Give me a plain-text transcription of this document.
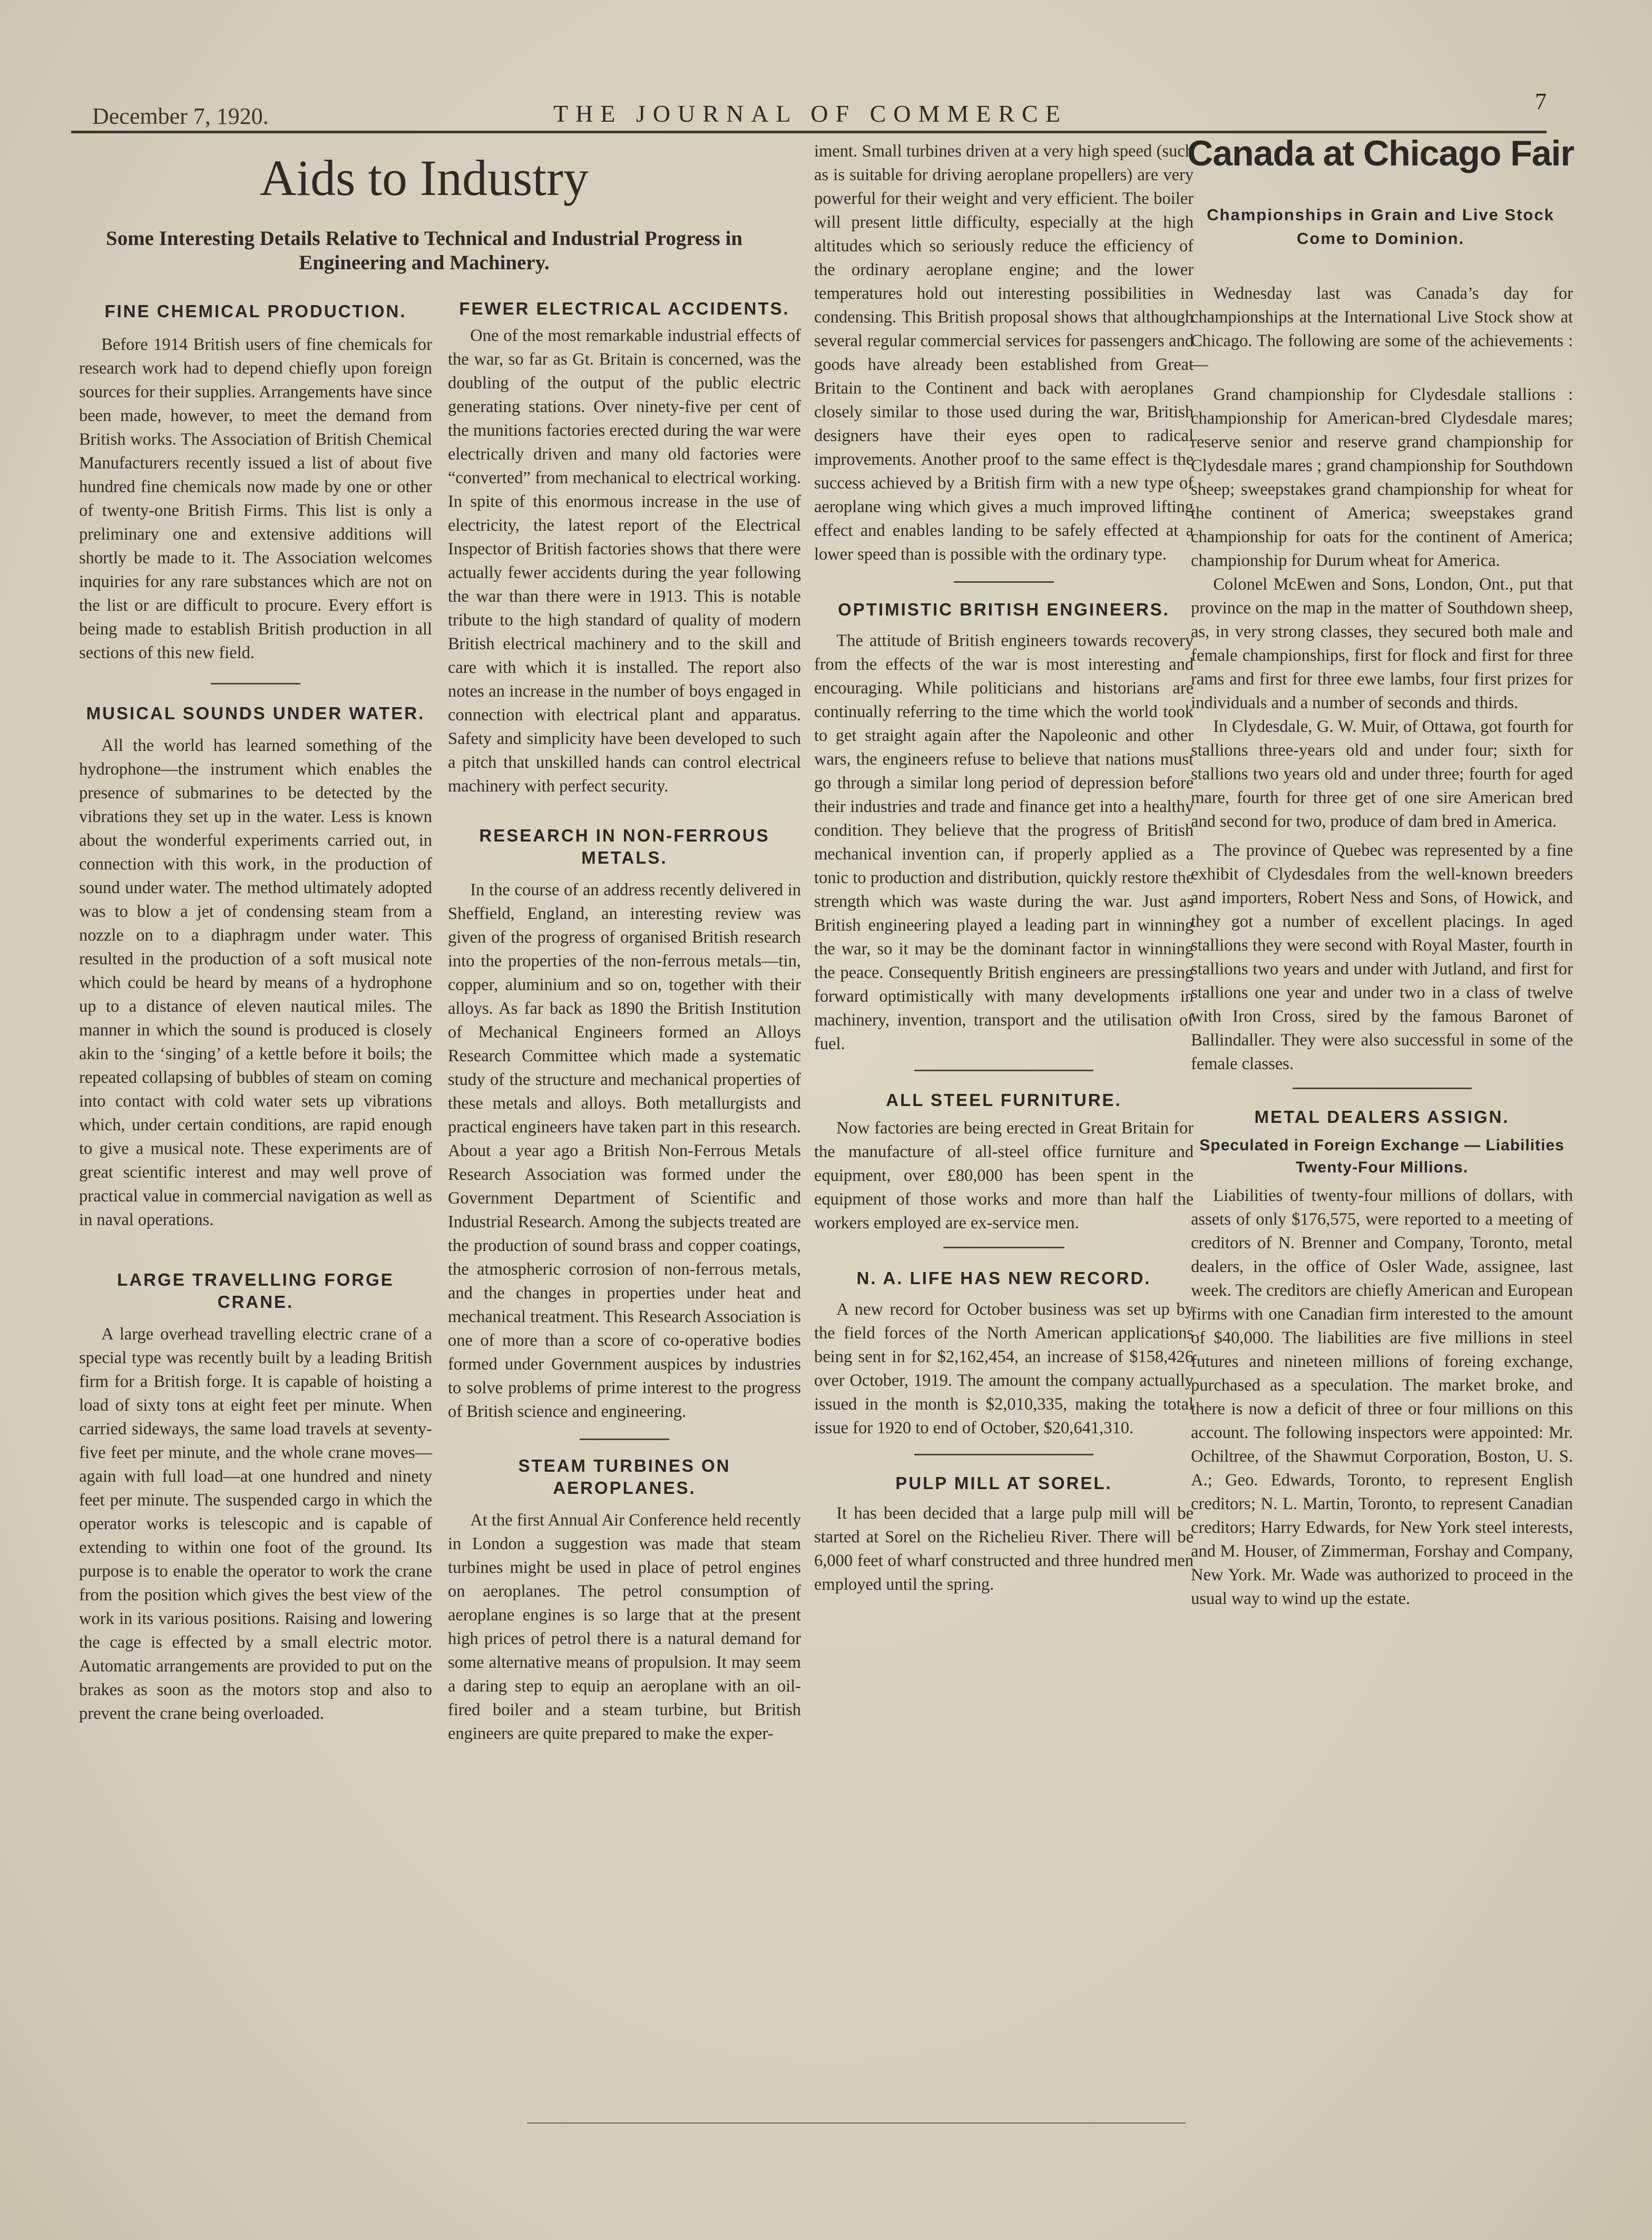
December 7, 1920.	THE JOURNAL OF COMMERCE	7
Aids to Industry
Some Interesting Details Relative to Technical and Industrial Progress in Engineering and Machinery.
FINE CHEMICAL PRODUCTION.

Before 1914 British users of fine chemicals for research work had to depend chiefly upon foreign sources for their supplies. Arrangements have since been made, however, to meet the demand from British works. The Association of British Chemical Manufacturers recently issued a list of about five hundred fine chemicals now made by one or other of twenty-one British Firms. This list is only a preliminary one and extensive additions will shortly be made to it. The Association welcomes inquiries for any rare substances which are not on the list or are difficult to procure. Every effort is being made to establish British production in all sections of this new field.

MUSICAL SOUNDS UNDER WATER.

All the world has learned something of the hydrophone—the instrument which enables the presence of submarines to be detected by the vibrations they set up in the water. Less is known about the wonderful experiments carried out, in connection with this work, in the production of sound under water. The method ultimately adopted was to blow a jet of condensing steam from a nozzle on to a diaphragm under water. This resulted in the production of a soft musical note which could be heard by means of a hydrophone up to a distance of eleven nautical miles. The manner in which the sound is produced is closely akin to the ‘singing’ of a kettle before it boils; the repeated collapsing of bubbles of steam on coming into contact with cold water sets up vibrations which, under certain conditions, are rapid enough to give a musical note. These experiments are of great scientific interest and may well prove of practical value in commercial navigation as well as in naval operations.

LARGE TRAVELLING FORGE CRANE.

A large overhead travelling electric crane of a special type was recently built by a leading British firm for a British forge. It is capable of hoisting a load of sixty tons at eight feet per minute. When carried sideways, the same load travels at seventy-five feet per minute, and the whole crane moves—again with full load—at one hundred and ninety feet per minute. The suspended cargo in which the operator works is telescopic and is capable of extending to within one foot of the ground. Its purpose is to enable the operator to work the crane from the position which gives the best view of the work in its various positions. Raising and lowering the cage is effected by a small electric motor. Automatic arrangements are provided to put on the brakes as soon as the motors stop and also to prevent the crane being overloaded.

FEWER ELECTRICAL ACCIDENTS.

One of the most remarkable industrial effects of the war, so far as Gt. Britain is concerned, was the doubling of the output of the public electric generating stations. Over ninety-five per cent of the munitions factories erected during the war were electrically driven and many old factories were “converted” from mechanical to electrical working. In spite of this enormous increase in the use of electricity, the latest report of the Electrical Inspector of British factories shows that there were actually fewer accidents during the year following the war than there were in 1913. This is notable tribute to the high standard of quality of modern British electrical machinery and to the skill and care with which it is installed. The report also notes an increase in the number of boys engaged in connection with electrical plant and apparatus. Safety and simplicity have been developed to such a pitch that unskilled hands can control electrical machinery with perfect security.

RESEARCH IN NON-FERROUS METALS.

In the course of an address recently delivered in Sheffield, England, an interesting review was given of the progress of organised British research into the properties of the non-ferrous metals—tin, copper, aluminium and so on, together with their alloys. As far back as 1890 the British Institution of Mechanical Engineers formed an Alloys Research Committee which made a systematic study of the structure and mechanical properties of these metals and alloys. Both metallurgists and practical engineers have taken part in this research. About a year ago a British Non-Ferrous Metals Research Association was formed under the Government Department of Scientific and Industrial Research. Among the subjects treated are the production of sound brass and copper coatings, the atmospheric corrosion of non-ferrous metals, and the changes in properties under heat and mechanical treatment. This Research Association is one of more than a score of co-operative bodies formed under Government auspices by industries to solve problems of prime interest to the progress of British science and engineering.

STEAM TURBINES ON AEROPLANES.

At the first Annual Air Conference held recently in London a suggestion was made that steam turbines might be used in place of petrol engines on aeroplanes. The petrol consumption of aeroplane engines is so large that at the present high prices of petrol there is a natural demand for some alternative means of propulsion. It may seem a daring step to equip an aeroplane with an oil-fired boiler and a steam turbine, but British engineers are quite prepared to make the exper-

iment. Small turbines driven at a very high speed (such as is suitable for driving aeroplane propellers) are very powerful for their weight and very efficient. The boiler will present little difficulty, especially at the high altitudes which so seriously reduce the efficiency of the ordinary aeroplane engine; and the lower temperatures hold out interesting possibilities in condensing. This British proposal shows that although several regular commercial services for passengers and goods have already been established from Great Britain to the Continent and back with aeroplanes closely similar to those used during the war, British designers have their eyes open to radical improvements. Another proof to the same effect is the success achieved by a British firm with a new type of aeroplane wing which gives a much improved lifting effect and enables landing to be safely effected at a lower speed than is possible with the ordinary type.

OPTIMISTIC BRITISH ENGINEERS.

The attitude of British engineers towards recovery from the effects of the war is most interesting and encouraging. While politicians and historians are continually referring to the time which the world took to get straight again after the Napoleonic and other wars, the engineers refuse to believe that nations must go through a similar long period of depression before their industries and trade and finance get into a healthy condition. They believe that the progress of British mechanical invention can, if properly applied as a tonic to production and distribution, quickly restore the strength which was waste during the war. Just as British engineering played a leading part in winning the war, so it may be the dominant factor in winning the peace. Consequently British engineers are pressing forward optimistically with many developments in machinery, invention, transport and the utilisation of fuel.

ALL STEEL FURNITURE.

Now factories are being erected in Great Britain for the manufacture of all-steel office furniture and equipment, over £80,000 has been spent in the equipment of those works and more than half the workers employed are ex-service men.

N. A. LIFE HAS NEW RECORD.

A new record for October business was set up by the field forces of the North American applications being sent in for $2,162,454, an increase of $158,426 over October, 1919. The amount the company actually issued in the month is $2,010,335, making the total issue for 1920 to end of October, $20,641,310.

PULP MILL AT SOREL.

It has been decided that a large pulp mill will be started at Sorel on the Richelieu River. There will be 6,000 feet of wharf constructed and three hundred men employed until the spring.

Canada at Chicago Fair
Championships in Grain and Live Stock Come to Dominion.

Wednesday last was Canada’s day for championships at the International Live Stock show at Chicago. The following are some of the achievements :—

Grand championship for Clydesdale stallions : championship for American-bred Clydesdale mares; reserve senior and reserve grand championship for Clydesdale mares ; grand championship for Southdown sheep; sweepstakes grand championship for wheat for the continent of America; sweepstakes grand championship for oats for the continent of America; championship for Durum wheat for America.

Colonel McEwen and Sons, London, Ont., put that province on the map in the matter of Southdown sheep, as, in very strong classes, they secured both male and female championships, first for flock and first for three rams and first for three ewe lambs, four first prizes for individuals and a number of seconds and thirds.

In Clydesdale, G. W. Muir, of Ottawa, got fourth for stallions three-years old and under four; sixth for stallions two years old and under three; fourth for aged mare, fourth for three get of one sire American bred and second for two, produce of dam bred in America.

The province of Quebec was represented by a fine exhibit of Clydesdales from the well-known breeders and importers, Robert Ness and Sons, of Howick, and they got a number of excellent placings. In aged stallions they were second with Royal Master, fourth in stallions two years and under with Jutland, and first for stallions one year and under two in a class of twelve with Iron Cross, sired by the famous Baronet of Ballindaller. They were also successful in some of the female classes.

METAL DEALERS ASSIGN.
Speculated in Foreign Exchange — Liabilities Twenty-Four Millions.

Liabilities of twenty-four millions of dollars, with assets of only $176,575, were reported to a meeting of creditors of N. Brenner and Company, Toronto, metal dealers, in the office of Osler Wade, assignee, last week. The creditors are chiefly American and European firms with one Canadian firm interested to the amount of $40,000. The liabilities are five millions in steel futures and nineteen millions of foreing exchange, purchased as a speculation. The market broke, and there is now a deficit of three or four millions on this account. The following inspectors were appointed: Mr. Ochiltree, of the Shawmut Corporation, Boston, U. S. A.; Geo. Edwards, Toronto, to represent English creditors; N. L. Martin, Toronto, to represent Canadian creditors; Harry Edwards, for New York steel interests, and M. Houser, of Zimmerman, Forshay and Company, New York. Mr. Wade was authorized to proceed in the usual way to wind up the estate.
